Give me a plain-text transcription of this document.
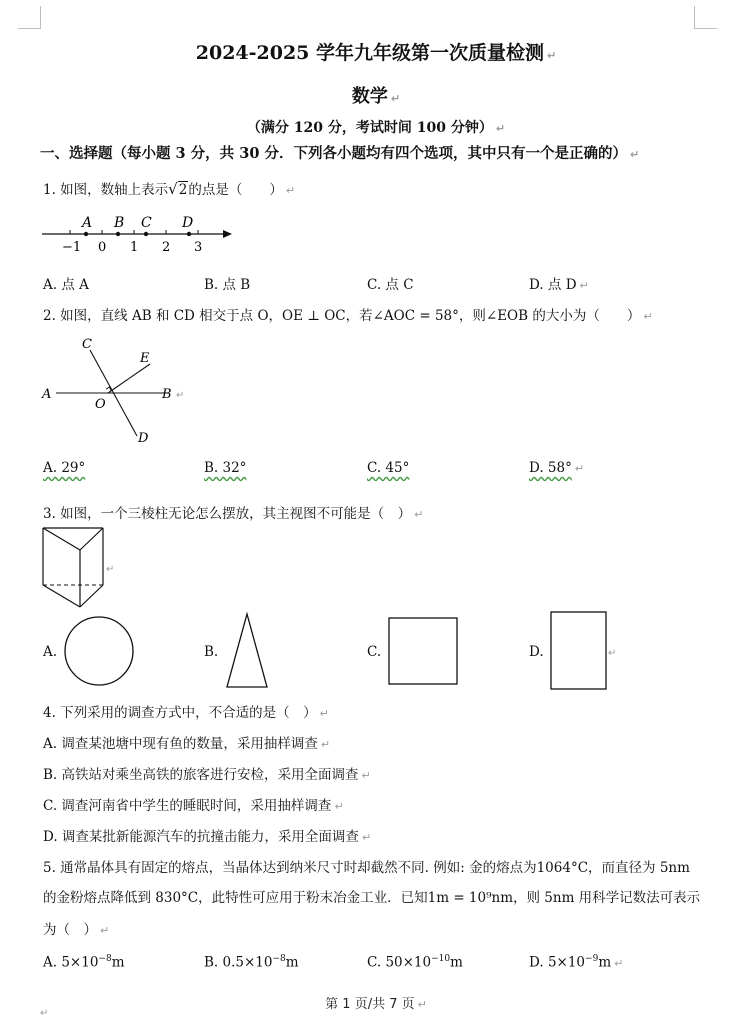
2024-2025 学年九年级第一次质量检测 ↵
数学 ↵
（满分 120 分，考试时间 100 分钟） ↵
一、选择题（每小题 3 分，共 30 分．下列各小题均有四个选项，其中只有一个是正确的） ↵
1. 如图，数轴上表示√2的点是（　　） ↵
A B C D
−1 0 1 2 3
A. 点 A	B. 点 B	C. 点 C	D. 点 D ↵
2. 如图，直线 AB 和 CD 相交于点 O，OE ⊥ OC，若∠AOC = 58°，则∠EOB 的大小为（　　） ↵
A	B
C
D
E
O
↵
A. 29°	B. 32°	C. 45°	D. 58° ↵
3. 如图，一个三棱柱无论怎么摆放，其主视图不可能是（　） ↵
↵
A.	B.	C.	D.	↵
4. 下列采用的调查方式中，不合适的是（　） ↵
A. 调查某池塘中现有鱼的数量，采用抽样调查 ↵
B. 高铁站对乘坐高铁的旅客进行安检，采用全面调查 ↵
C. 调查河南省中学生的睡眠时间，采用抽样调查 ↵
D. 调查某批新能源汽车的抗撞击能力，采用全面调查 ↵
5. 通常晶体具有固定的熔点，当晶体达到纳米尺寸时却截然不同. 例如: 金的熔点为1064°C，而直径为 5nm
的金粉熔点降低到 830°C，此特性可应用于粉末冶金工业．已知1m = 10⁹nm，则 5nm 用科学记数法可表示
为（　） ↵
A. $5\times 10^{-8}m$	B. $0.5\times 10^{-8}m$	C. $50\times 10^{-10}m$	D. $5\times 10^{-9}m$ ↵
第 1 页/共 7 页 ↵
↵
